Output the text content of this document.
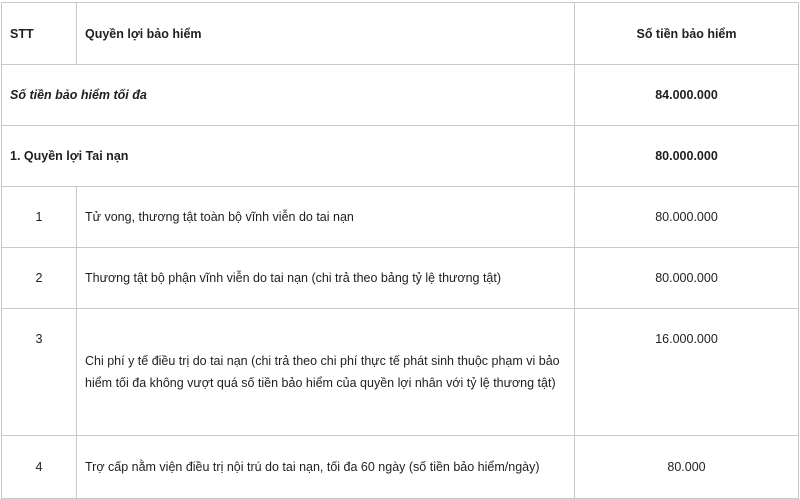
STT	Quyền lợi bảo hiểm	Số tiền bảo hiểm
Số tiền bảo hiểm tối đa		84.000.000
1. Quyền lợi Tai nạn		80.000.000
1	Tử vong, thương tật toàn bộ vĩnh viễn do tai nạn	80.000.000
2	Thương tật bộ phận vĩnh viễn do tai nạn (chi trả theo bảng tỷ lệ thương tật)	80.000.000
3	Chi phí y tế điều trị do tai nạn (chi trả theo chi phí thực tế phát sinh thuộc phạm vi bảo hiểm tối đa không vượt quá số tiền bảo hiểm của quyền lợi nhân với tỷ lệ thương tật)	16.000.000
4	Trợ cấp nằm viện điều trị nội trú do tai nạn, tối đa 60 ngày (số tiền bảo hiểm/ngày)	80.000
